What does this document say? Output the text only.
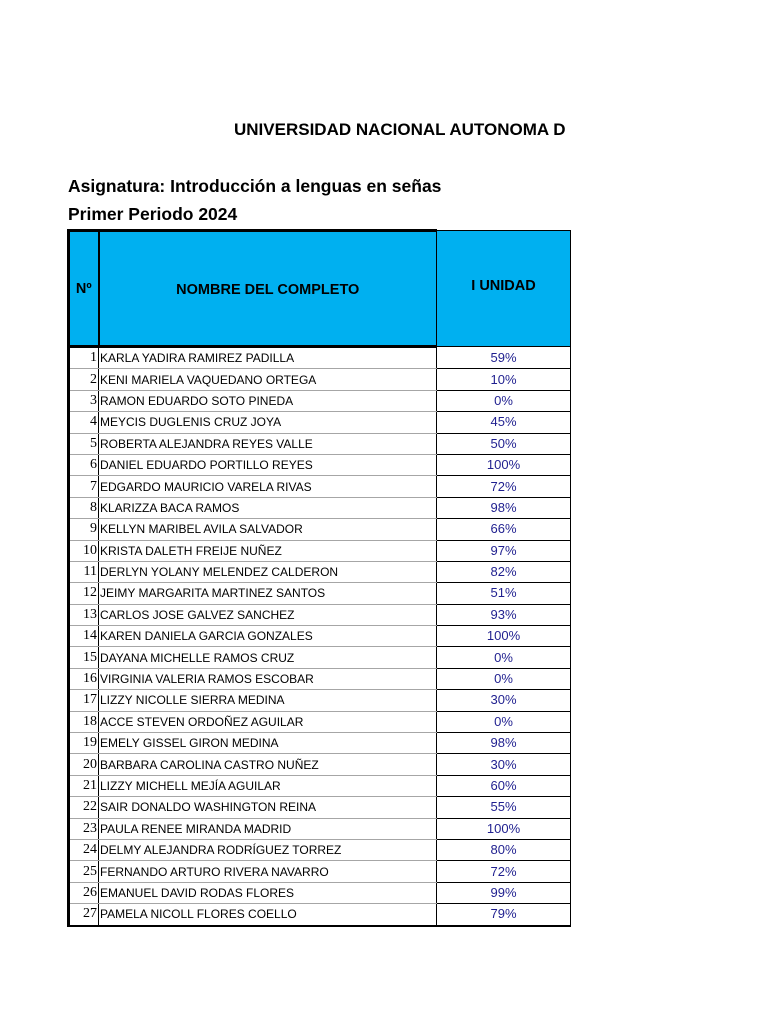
UNIVERSIDAD NACIONAL AUTONOMA D
Asignatura: Introducción a lenguas en señas
Primer Periodo 2024
Nº	NOMBRE DEL COMPLETO	I UNIDAD
1	KARLA YADIRA RAMIREZ PADILLA	59%
2	KENI MARIELA VAQUEDANO ORTEGA	10%
3	RAMON EDUARDO SOTO PINEDA	0%
4	MEYCIS DUGLENIS CRUZ JOYA	45%
5	ROBERTA ALEJANDRA REYES VALLE	50%
6	DANIEL EDUARDO PORTILLO REYES	100%
7	EDGARDO MAURICIO VARELA RIVAS	72%
8	KLARIZZA BACA RAMOS	98%
9	KELLYN MARIBEL AVILA SALVADOR	66%
10	KRISTA DALETH FREIJE NUÑEZ	97%
11	DERLYN YOLANY MELENDEZ CALDERON	82%
12	JEIMY MARGARITA MARTINEZ SANTOS	51%
13	CARLOS JOSE GALVEZ SANCHEZ	93%
14	KAREN DANIELA GARCIA GONZALES	100%
15	DAYANA MICHELLE RAMOS CRUZ	0%
16	VIRGINIA VALERIA RAMOS ESCOBAR	0%
17	LIZZY NICOLLE SIERRA MEDINA	30%
18	ACCE STEVEN ORDOÑEZ AGUILAR	0%
19	EMELY GISSEL GIRON MEDINA	98%
20	BARBARA CAROLINA CASTRO NUÑEZ	30%
21	LIZZY MICHELL MEJÍA AGUILAR	60%
22	SAIR DONALDO WASHINGTON REINA	55%
23	PAULA RENEE MIRANDA MADRID	100%
24	DELMY ALEJANDRA RODRÍGUEZ TORREZ	80%
25	FERNANDO ARTURO RIVERA NAVARRO	72%
26	EMANUEL DAVID RODAS FLORES	99%
27	PAMELA NICOLL FLORES COELLO	79%
